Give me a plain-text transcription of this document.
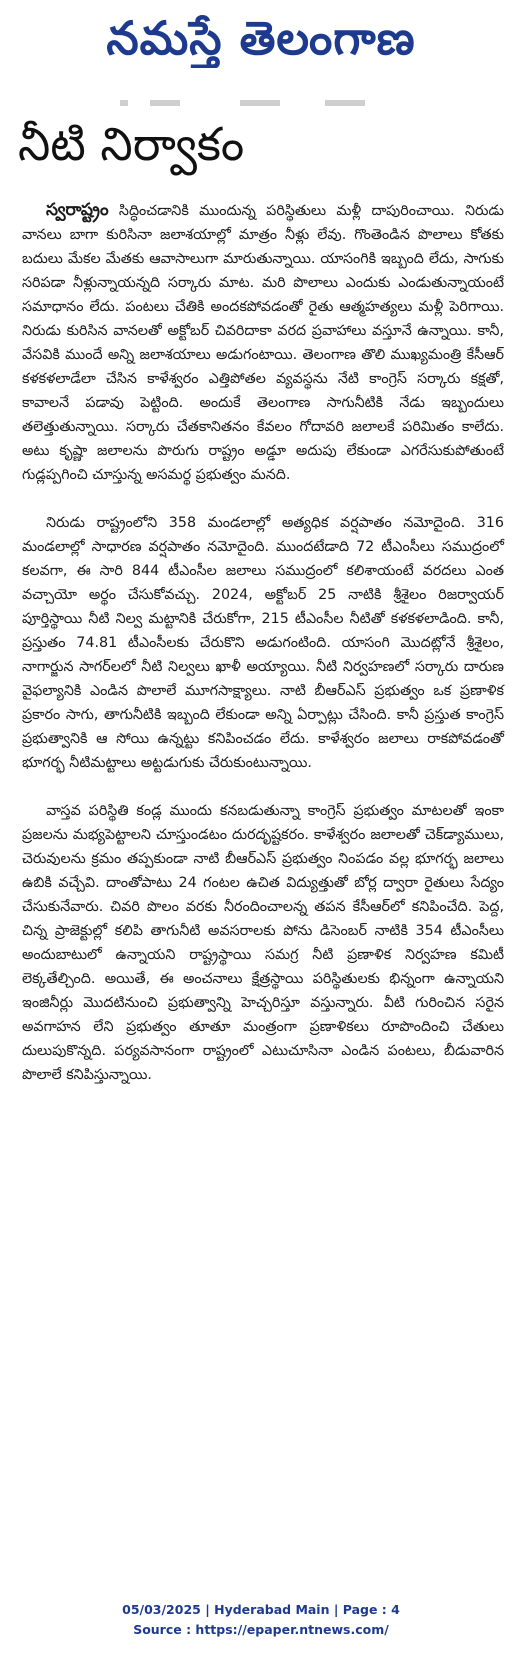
నమస్తే తెలంగాణ
నీటి నిర్వాకం

స్వరాష్ట్రం సిద్ధించడానికి ముందున్న పరిస్థితులు మళ్లీ దాపురించాయి. నిరుడు వానలు బాగా కురిసినా జలాశయాల్లో మాత్రం నీళ్లు లేవు. గొంతెండిన పొలాలు కోతకు బదులు మేకల మేతకు ఆవాసాలుగా మారుతున్నాయి. యాసంగికి ఇబ్బంది లేదు, సాగుకు సరిపడా నీళ్లున్నాయన్నది సర్కారు మాట. మరి పొలాలు ఎందుకు ఎండుతున్నాయంటే సమాధానం లేదు. పంటలు చేతికి అందకపోవడంతో రైతు ఆత్మహత్యలు మళ్లీ పెరిగాయి. నిరుడు కురిసిన వానలతో అక్టోబర్ చివరిదాకా వరద ప్రవాహాలు వస్తూనే ఉన్నాయి. కానీ, వేసవికి ముందే అన్ని జలాశయాలు అడుగంటాయి. తెలంగాణ తొలి ముఖ్యమంత్రి కేసీఆర్ కళకళలాడేలా చేసిన కాళేశ్వరం ఎత్తిపోతల వ్యవస్థను నేటి కాంగ్రెస్ సర్కారు కక్షతో, కావాలనే పడావు పెట్టింది. అందుకే తెలంగాణ సాగునీటికి నేడు ఇబ్బందులు తలెత్తుతున్నాయి. సర్కారు చేతకానితనం కేవలం గోదావరి జలాలకే పరిమితం కాలేదు. అటు కృష్ణా జలాలను పొరుగు రాష్ట్రం అడ్డూ అదుపు లేకుండా ఎగరేసుకుపోతుంటే గుడ్లప్పగించి చూస్తున్న అసమర్థ ప్రభుత్వం మనది.

నిరుడు రాష్ట్రంలోని 358 మండలాల్లో అత్యధిక వర్షపాతం నమోదైంది. 316 మండలాల్లో సాధారణ వర్షపాతం నమోదైంది. ముందటేడాది 72 టీఎంసీలు సముద్రంలో కలవగా, ఈ సారి 844 టీఎంసీల జలాలు సముద్రంలో కలిశాయంటే వరదలు ఎంత వచ్చాయో అర్థం చేసుకోవచ్చు. 2024, అక్టోబర్ 25 నాటికి శ్రీశైలం రిజర్వాయర్ పూర్తిస్థాయి నీటి నిల్వ మట్టానికి చేరుకోగా, 215 టీఎంసీల నీటితో కళకళలాడింది. కానీ, ప్రస్తుతం 74.81 టీఎంసీలకు చేరుకొని అడుగంటింది. యాసంగి మొదట్లోనే శ్రీశైలం, నాగార్జున సాగర్‌లలో నీటి నిల్వలు ఖాళీ అయ్యాయి. నీటి నిర్వహణలో సర్కారు దారుణ వైఫల్యానికి ఎండిన పొలాలే మూగసాక్ష్యాలు. నాటి బీఆర్‌ఎస్ ప్రభుత్వం ఒక ప్రణాళిక ప్రకారం సాగు, తాగునీటికి ఇబ్బంది లేకుండా అన్ని ఏర్పాట్లు చేసింది. కానీ ప్రస్తుత కాంగ్రెస్ ప్రభుత్వానికి ఆ సోయి ఉన్నట్టు కనిపించడం లేదు. కాళేశ్వరం జలాలు రాకపోవడంతో భూగర్భ నీటిమట్టాలు అట్టడుగుకు చేరుకుంటున్నాయి.

వాస్తవ పరిస్థితి కండ్ల ముందు కనబడుతున్నా కాంగ్రెస్ ప్రభుత్వం మాటలతో ఇంకా ప్రజలను మభ్యపెట్టాలని చూస్తుండటం దురదృష్టకరం. కాళేశ్వరం జలాలతో చెక్‌డ్యాములు, చెరువులను క్రమం తప్పకుండా నాటి బీఆర్‌ఎస్ ప్రభుత్వం నింపడం వల్ల భూగర్భ జలాలు ఉబికి వచ్చేవి. దాంతోపాటు 24 గంటల ఉచిత విద్యుత్తుతో బోర్ల ద్వారా రైతులు సేద్యం చేసుకునేవారు. చివరి పొలం వరకు నీరందించాలన్న తపన కేసీఆర్‌లో కనిపించేది. పెద్ద, చిన్న ప్రాజెక్టుల్లో కలిపి తాగునీటి అవసరాలకు పోను డిసెంబర్ నాటికి 354 టీఎంసీలు అందుబాటులో ఉన్నాయని రాష్ట్రస్థాయి సమగ్ర నీటి ప్రణాళిక నిర్వహణ కమిటీ లెక్కతేల్చింది. అయితే, ఈ అంచనాలు క్షేత్రస్థాయి పరిస్థితులకు భిన్నంగా ఉన్నాయని ఇంజినీర్లు మొదటినుంచి ప్రభుత్వాన్ని హెచ్చరిస్తూ వస్తున్నారు. వీటి గురించిన సరైన అవగాహన లేని ప్రభుత్వం తూతూ మంత్రంగా ప్రణాళికలు రూపొందించి చేతులు దులుపుకొన్నది. పర్యవసానంగా రాష్ట్రంలో ఎటుచూసినా ఎండిన పంటలు, బీడువారిన పొలాలే కనిపిస్తున్నాయి.

05/03/2025 | Hyderabad Main | Page : 4
Source : https://epaper.ntnews.com/
